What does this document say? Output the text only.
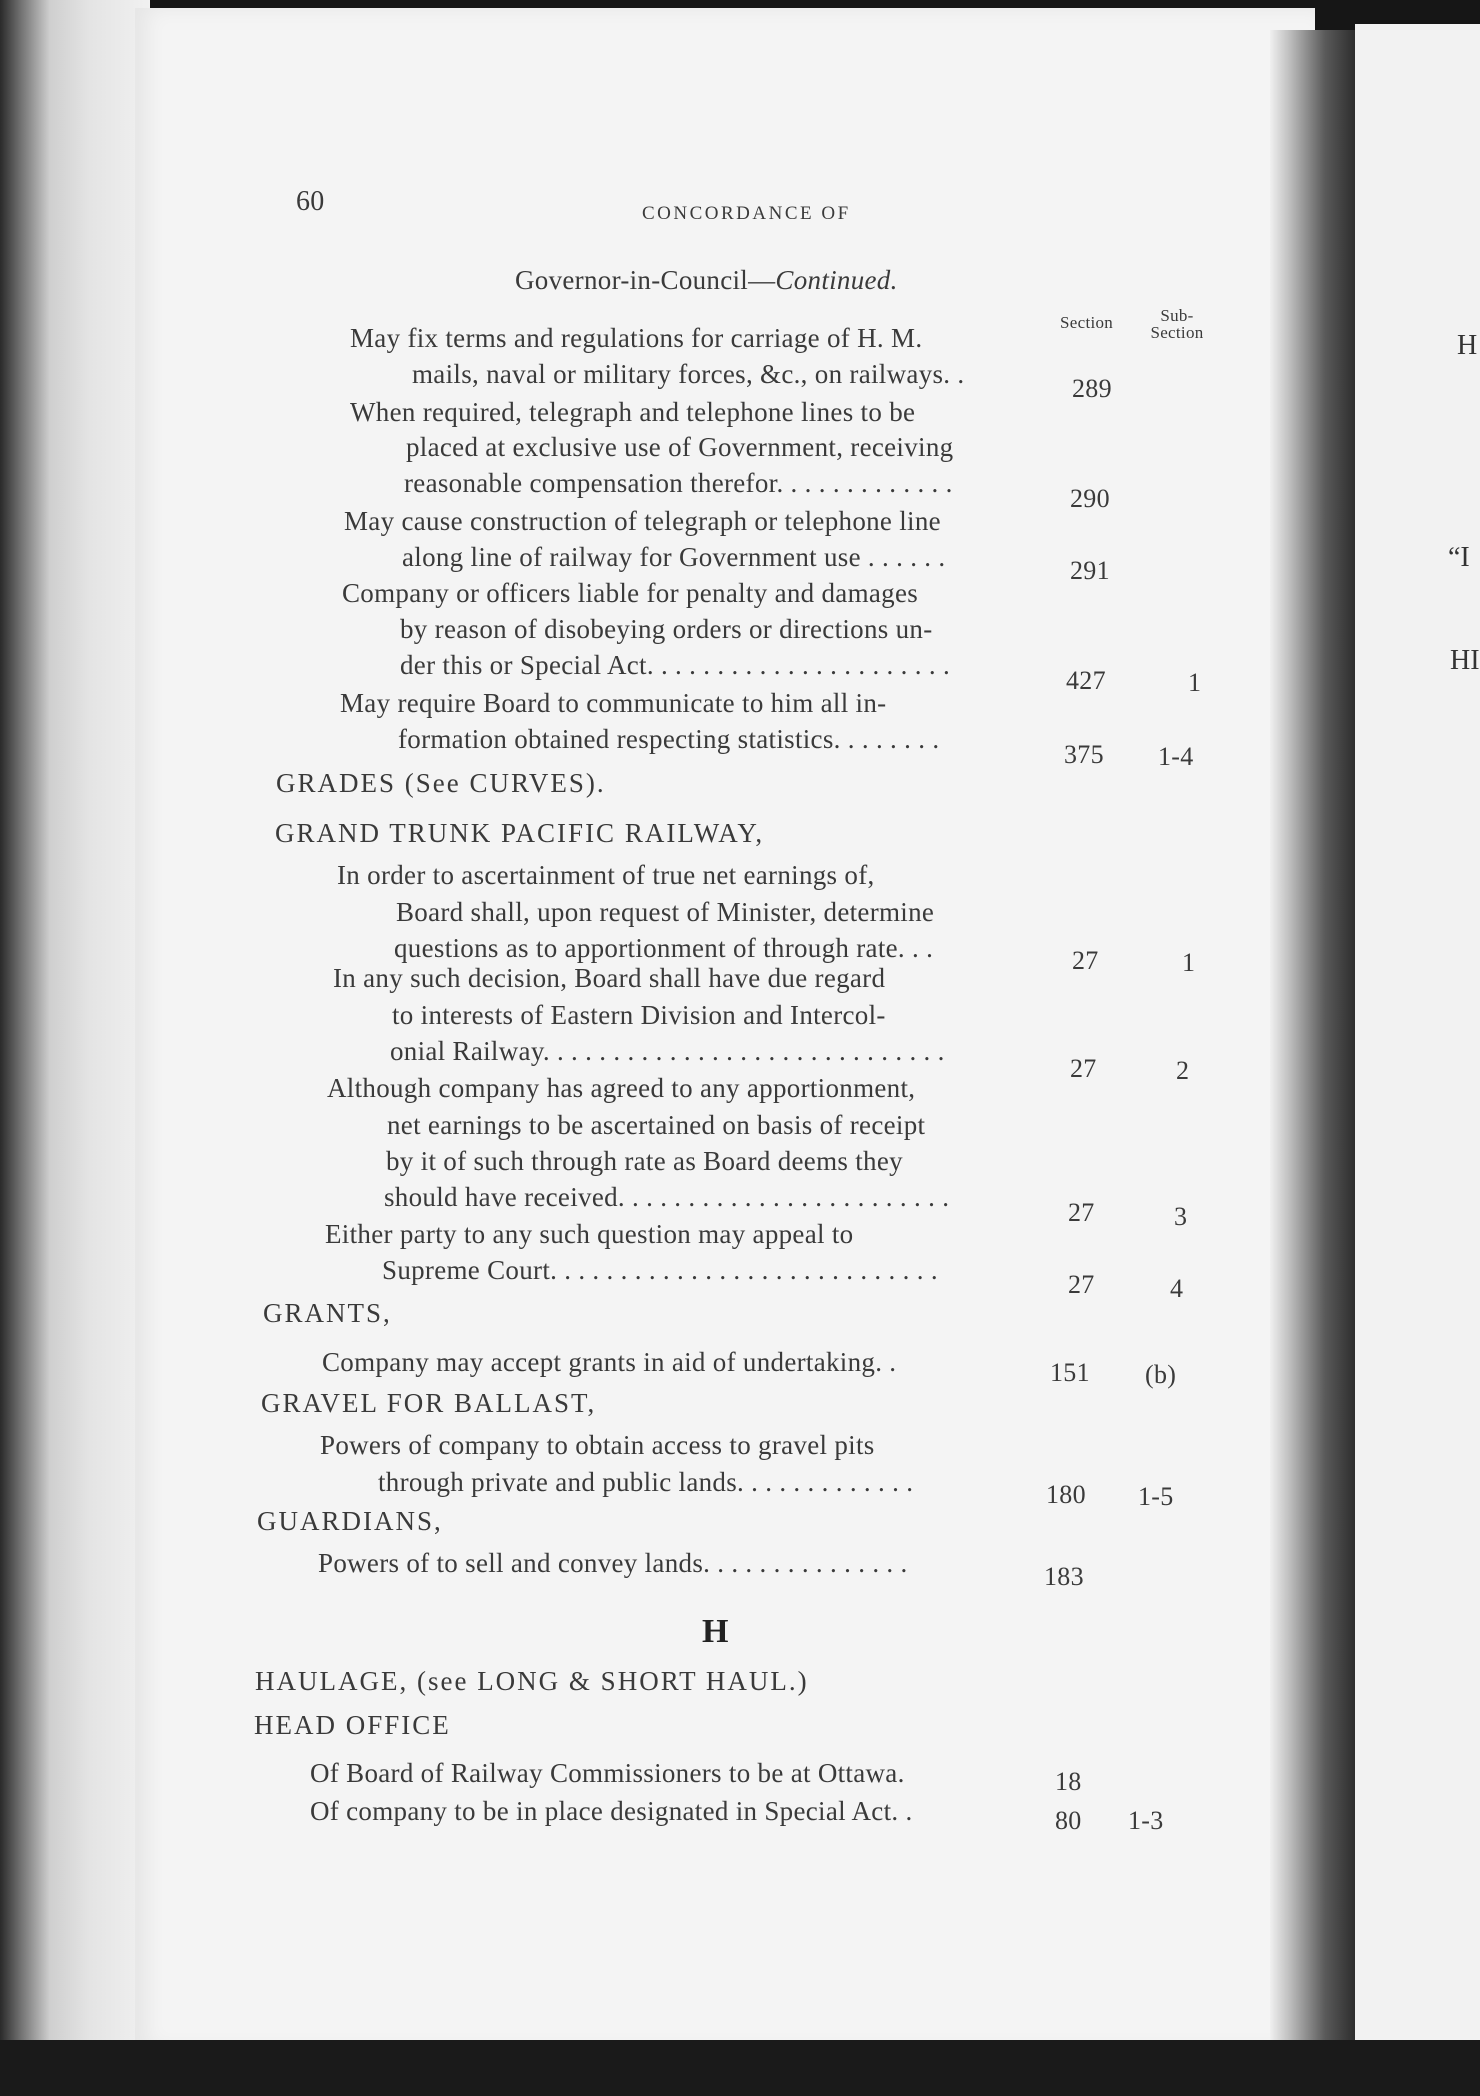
H
“I
HI
60	CONCORDANCE OF
Governor-in-Council—Continued.
Section	Sub-
Section
May fix terms and regulations for carriage of H. M.
mails, naval or military forces, &c., on railways. .	289
When required, telegraph and telephone lines to be
placed at exclusive use of Government, receiving
reasonable compensation therefor. . . . . . . . . . . . .
290
May cause construction of telegraph or telephone line
along line of railway for Government use . . . . . .	291
Company or officers liable for penalty and damages
by reason of disobeying orders or directions un-
der this or Special Act. . . . . . . . . . . . . . . . . . . . . .
427	1
May require Board to communicate to him all in-
formation obtained respecting statistics. . . . . . . .
375 1-4
GRADES (See CURVES).
GRAND TRUNK PACIFIC RAILWAY,
In order to ascertainment of true net earnings of,
Board shall, upon request of Minister, determine
questions as to apportionment of through rate. . .	27	1
In any such decision, Board shall have due regard
to interests of Eastern Division and Intercol-
onial Railway. . . . . . . . . . . . . . . . . . . . . . . . . . . . .
27	2
Although company has agreed to any apportionment,
net earnings to be ascertained on basis of receipt
by it of such through rate as Board deems they
should have received. . . . . . . . . . . . . . . . . . . . . . . .
27	3
Either party to any such question may appeal to
Supreme Court. . . . . . . . . . . . . . . . . . . . . . . . . . . .	27	4
GRANTS,
Company may accept grants in aid of undertaking. .	151 (b)
GRAVEL FOR BALLAST,
Powers of company to obtain access to gravel pits
through private and public lands. . . . . . . . . . . . .	180 1-5
GUARDIANS,
Powers of to sell and convey lands. . . . . . . . . . . . . . .	183
H
HAULAGE, (see LONG & SHORT HAUL.)
HEAD OFFICE
Of Board of Railway Commissioners to be at Ottawa.	18
Of company to be in place designated in Special Act. .	80 1-3
